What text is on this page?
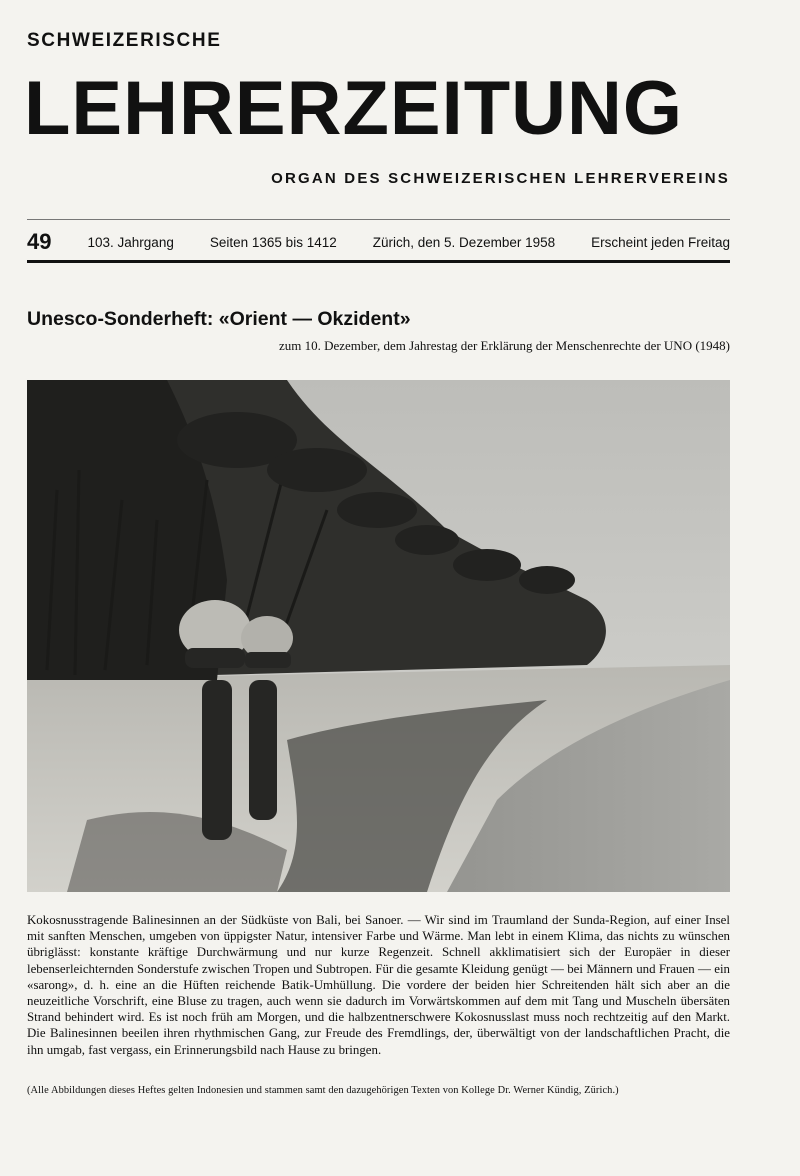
SCHWEIZERISCHE
LEHRERZEITUNG
ORGAN DES SCHWEIZERISCHEN LEHRERVEREINS
49	103. Jahrgang	Seiten 1365 bis 1412	Zürich, den 5. Dezember 1958	Erscheint jeden Freitag
Unesco-Sonderheft: «Orient — Okzident»
zum 10. Dezember, dem Jahrestag der Erklärung der Menschenrechte der UNO (1948)

Kokosnusstragende Balinesinnen an der Südküste von Bali, bei Sanoer. — Wir sind im Traumland der Sunda-Region, auf einer Insel mit sanften Menschen, umgeben von üppigster Natur, intensiver Farbe und Wärme. Man lebt in einem Klima, das nichts zu wünschen übriglässt: konstante kräftige Durchwärmung und nur kurze Regenzeit. Schnell akklimatisiert sich der Europäer in dieser lebenserleichternden Sonderstufe zwischen Tropen und Subtropen. Für die gesamte Kleidung genügt — bei Männern und Frauen — ein «sarong», d. h. eine an die Hüften reichende Batik-Umhüllung. Die vordere der beiden hier Schreitenden hält sich aber an die neuzeitliche Vorschrift, eine Bluse zu tragen, auch wenn sie dadurch im Vorwärtskommen auf dem mit Tang und Muscheln übersäten Strand behindert wird. Es ist noch früh am Morgen, und die halbzentnerschwere Kokosnusslast muss noch rechtzeitig auf den Markt. Die Balinesinnen beeilen ihren rhythmischen Gang, zur Freude des Fremdlings, der, überwältigt von der landschaftlichen Pracht, die ihn umgab, fast vergass, ein Erinnerungsbild nach Hause zu bringen.

(Alle Abbildungen dieses Heftes gelten Indonesien und stammen samt den dazugehörigen Texten von Kollege Dr. Werner Kündig, Zürich.)
